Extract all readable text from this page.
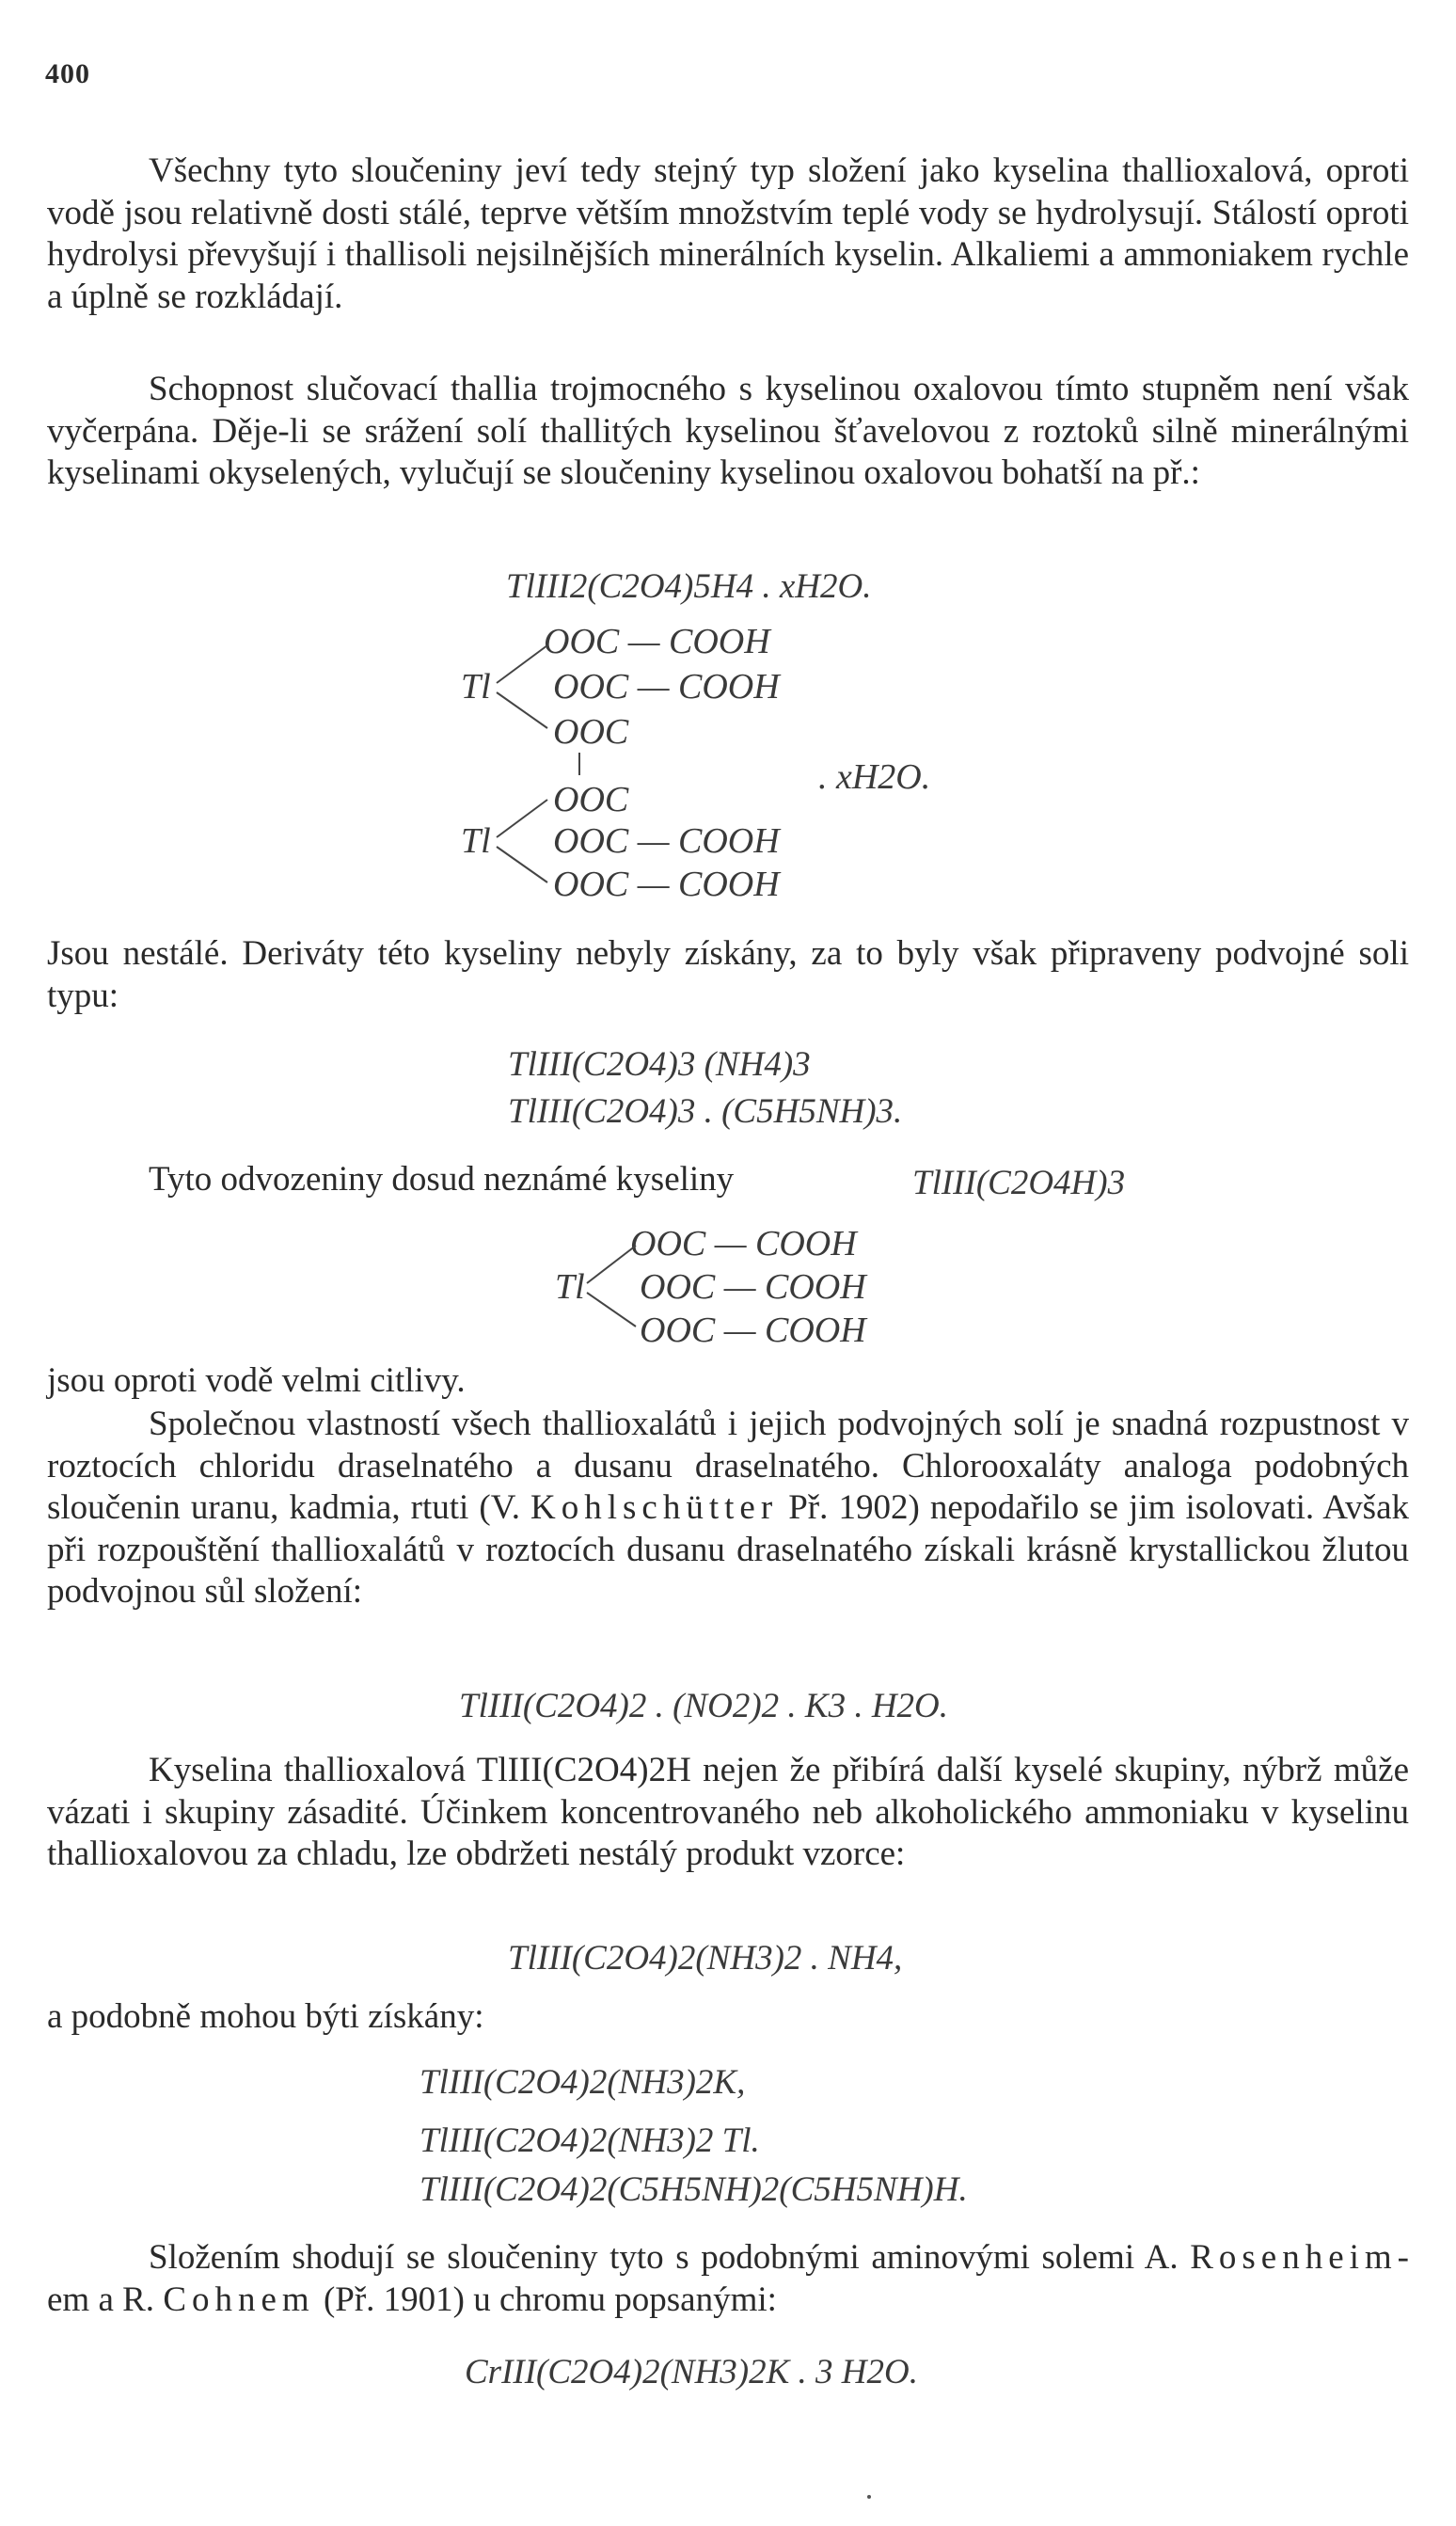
400

Všechny tyto sloučeniny jeví tedy stejný typ složení jako kyselina thallioxalová, oproti vodě jsou relativně dosti stálé, teprve větším množstvím teplé vody se hydrolysují. Stálostí oproti hydrolysi převyšují i thallisoli nejsilnějších minerálních kyselin. Alkaliemi a ammoniakem rychle a úplně se rozkládají.

Schopnost slučovací thallia trojmocného s kyselinou oxalovou tímto stupněm není však vyčerpána. Děje-li se srážení solí thallitých kyselinou šťavelovou z roztoků silně minerálnými kyselinami okyselených, vylučují se sloučeniny kyselinou oxalovou bohatší na př.:

TlIII2(C2O4)5H4 . xH2O.
Tl
OOC — COOH
OOC — COOH
OOC
OOC
. xH2O.
Tl OOC — COOH
OOC — COOH

Jsou nestálé. Deriváty této kyseliny nebyly získány, za to byly však připraveny podvojné soli typu:

TlIII(C2O4)3 (NH4)3
TlIII(C2O4)3 . (C5H5NH)3.

Tyto odvozeniny dosud neznámé kyseliny	TlIII(C2O4H)3
Tl
OOC — COOH
OOC — COOH
OOC — COOH

jsou oproti vodě velmi citlivy.

Společnou vlastností všech thallioxalátů i jejich podvojných solí je snadná rozpustnost v roztocích chloridu draselnatého a dusanu draselnatého. Chlorooxaláty analoga podobných sloučenin uranu, kadmia, rtuti (V. Kohlschütter Př. 1902) nepodařilo se jim isolovati. Avšak při rozpouštění thallioxalátů v roztocích dusanu draselnatého získali krásně krystallickou žlutou podvojnou sůl složení:

TlIII(C2O4)2 . (NO2)2 . K3 . H2O.

Kyselina thallioxalová TlIII(C2O4)2H nejen že přibírá další kyselé skupiny, nýbrž může vázati i skupiny zásadité. Účinkem koncentrovaného neb alkoholického ammoniaku v kyselinu thallioxalovou za chladu, lze obdržeti nestálý produkt vzorce:

TlIII(C2O4)2(NH3)2 . NH4,

a podobně mohou býti získány:

TlIII(C2O4)2(NH3)2K,
TlIII(C2O4)2(NH3)2 Tl.
TlIII(C2O4)2(C5H5NH)2(C5H5NH)H.

Složením shodují se sloučeniny tyto s podobnými aminovými solemi A. Rosenheim-em a R. Cohnem (Př. 1901) u chromu popsanými:

CrIII(C2O4)2(NH3)2K . 3 H2O.
